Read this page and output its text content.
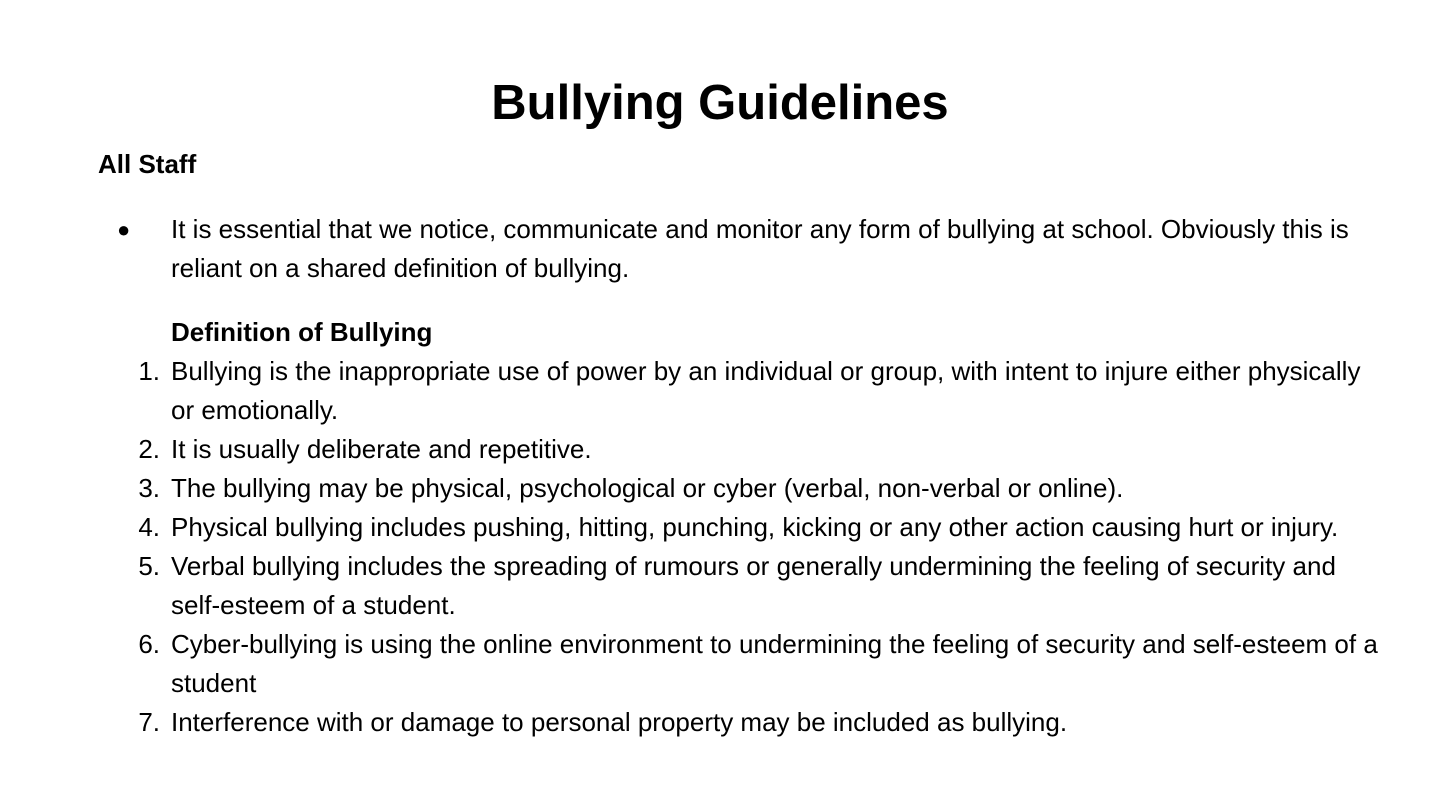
Bullying Guidelines
All Staff
● It is essential that we notice, communicate and monitor any form of bullying at school. Obviously this is reliant on a shared definition of bullying.
Definition of Bullying
1. Bullying is the inappropriate use of power by an individual or group, with intent to injure either physically or emotionally.
2. It is usually deliberate and repetitive.
3. The bullying may be physical, psychological or cyber (verbal, non-verbal or online).
4. Physical bullying includes pushing, hitting, punching, kicking or any other action causing hurt or injury.
5. Verbal bullying includes the spreading of rumours or generally undermining the feeling of security and self-esteem of a student.
6. Cyber-bullying is using the online environment to undermining the feeling of security and self-esteem of a student
7. Interference with or damage to personal property may be included as bullying.
